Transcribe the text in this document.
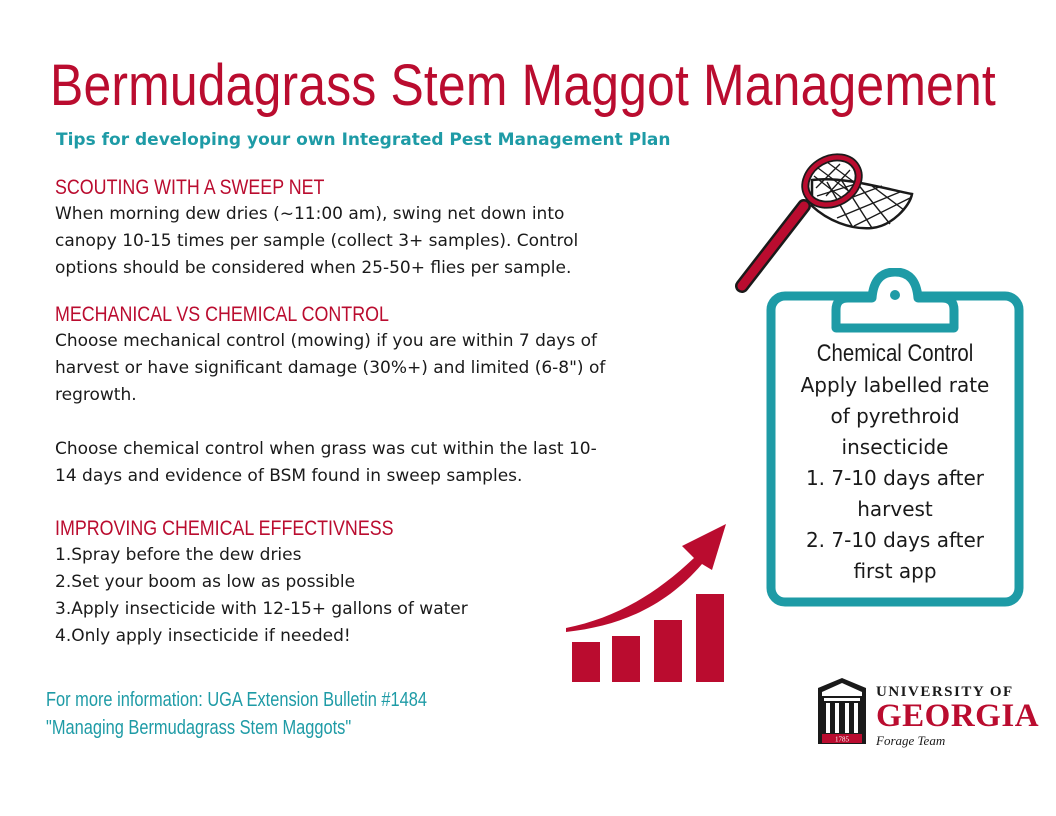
Bermudagrass Stem Maggot Management
Tips for developing your own Integrated Pest Management Plan
SCOUTING WITH A SWEEP NET
When morning dew dries (~11:00 am), swing net down into
canopy 10-15 times per sample (collect 3+ samples). Control
options should be considered when 25-50+ flies per sample.
MECHANICAL VS CHEMICAL CONTROL
Choose mechanical control (mowing) if you are within 7 days of
harvest or have significant damage (30%+) and limited (6-8") of
regrowth.
Choose chemical control when grass was cut within the last 10-
14 days and evidence of BSM found in sweep samples.
IMPROVING CHEMICAL EFFECTIVNESS
1.Spray before the dew dries
2.Set your boom as low as possible
3.Apply insecticide with 12-15+ gallons of water
4.Only apply insecticide if needed!
For more information: UGA Extension Bulletin #1484
"Managing Bermudagrass Stem Maggots"
Chemical Control
Apply labelled rate
of pyrethroid
insecticide
1. 7-10 days after
harvest
2. 7-10 days after
first app
1785
UNIVERSITY OF
GEORGIA
Forage Team
